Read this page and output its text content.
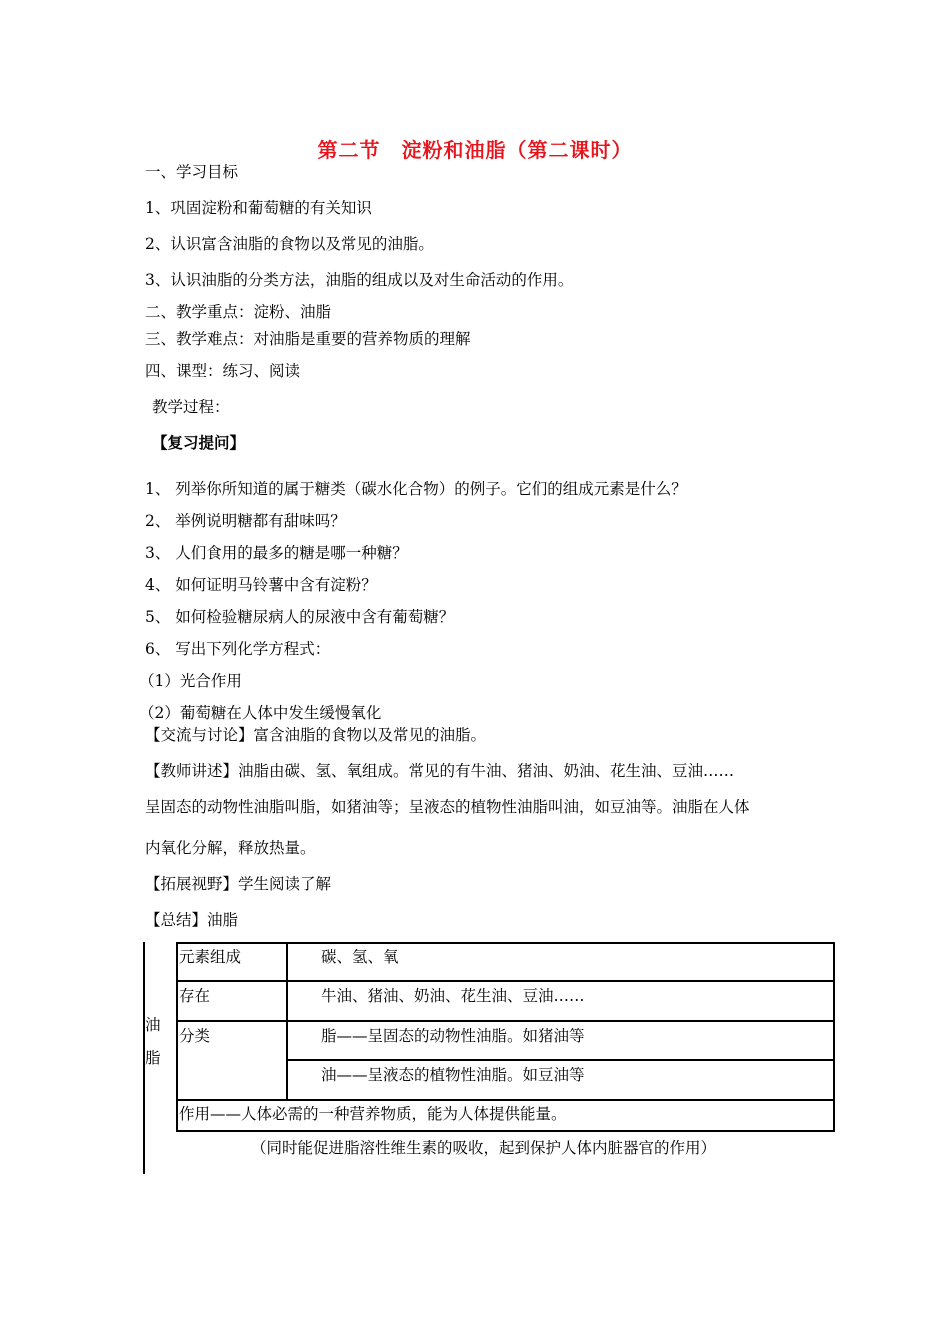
第二节　淀粉和油脂（第二课时）
一、学习目标
1、巩固淀粉和葡萄糖的有关知识
2、认识富含油脂的食物以及常见的油脂。
3、认识油脂的分类方法，油脂的组成以及对生命活动的作用。
二、教学重点：淀粉、油脂
三、教学难点：对油脂是重要的营养物质的理解
四、课型：练习、阅读
教学过程：
【复习提问】
1、 列举你所知道的属于糖类（碳水化合物）的例子。它们的组成元素是什么？
2、 举例说明糖都有甜味吗？
3、 人们食用的最多的糖是哪一种糖？
4、 如何证明马铃薯中含有淀粉？
5、 如何检验糖尿病人的尿液中含有葡萄糖？
6、 写出下列化学方程式：
（1）光合作用
（2）葡萄糖在人体中发生缓慢氧化
【交流与讨论】富含油脂的食物以及常见的油脂。
【教师讲述】油脂由碳、氢、氧组成。常见的有牛油、猪油、奶油、花生油、豆油……
呈固态的动物性油脂叫脂，如猪油等；呈液态的植物性油脂叫油，如豆油等。油脂在人体
内氧化分解，释放热量。
【拓展视野】学生阅读了解
【总结】油脂
油
脂
元素组成	碳、氢、氧
存在	牛油、猪油、奶油、花生油、豆油……
分类	脂——呈固态的动物性油脂。如猪油等
油——呈液态的植物性油脂。如豆油等
作用——人体必需的一种营养物质，能为人体提供能量。
（同时能促进脂溶性维生素的吸收，起到保护人体内脏器官的作用）
